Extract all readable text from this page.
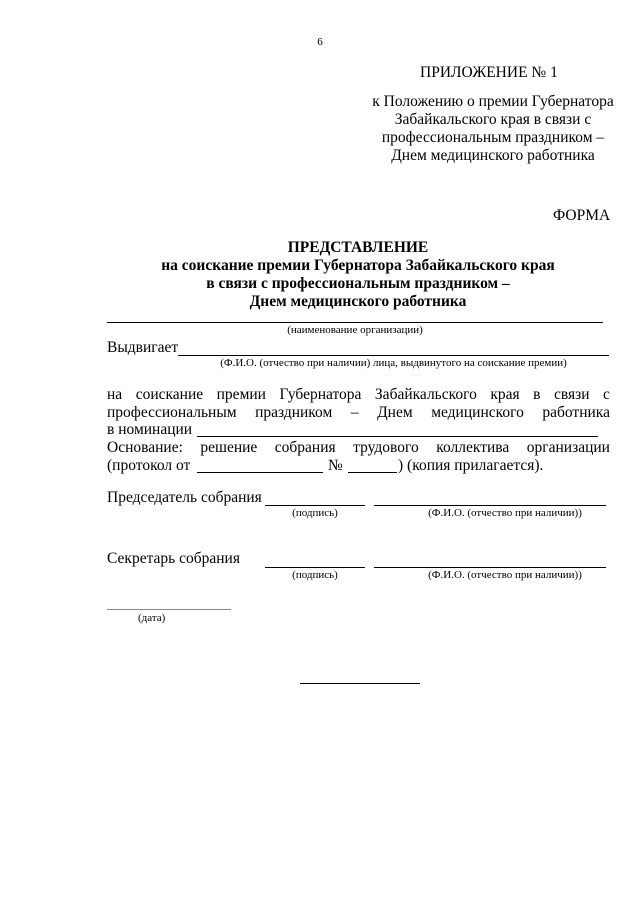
6
ПРИЛОЖЕНИЕ № 1
к Положению о премии Губернатора
Забайкальского края в связи с
профессиональным праздником –
Днем медицинского работника
ФОРМА
ПРЕДСТАВЛЕНИЕ
на соискание премии Губернатора Забайкальского края
в связи с профессиональным праздником –
Днем медицинского работника
(наименование организации)
Выдвигает
(Ф.И.О. (отчество при наличии) лица, выдвинутого на соискание премии)
на соискание премии Губернатора Забайкальского края в связи с
профессиональным праздником – Днем медицинского работника
в номинации
Основание: решение собрания трудового коллектива организации
(протокол от	№	) (копия прилагается).
Председатель собрания
(подпись)	(Ф.И.О. (отчество при наличии))
Секретарь собрания
(подпись)	(Ф.И.О. (отчество при наличии))
(дата)
